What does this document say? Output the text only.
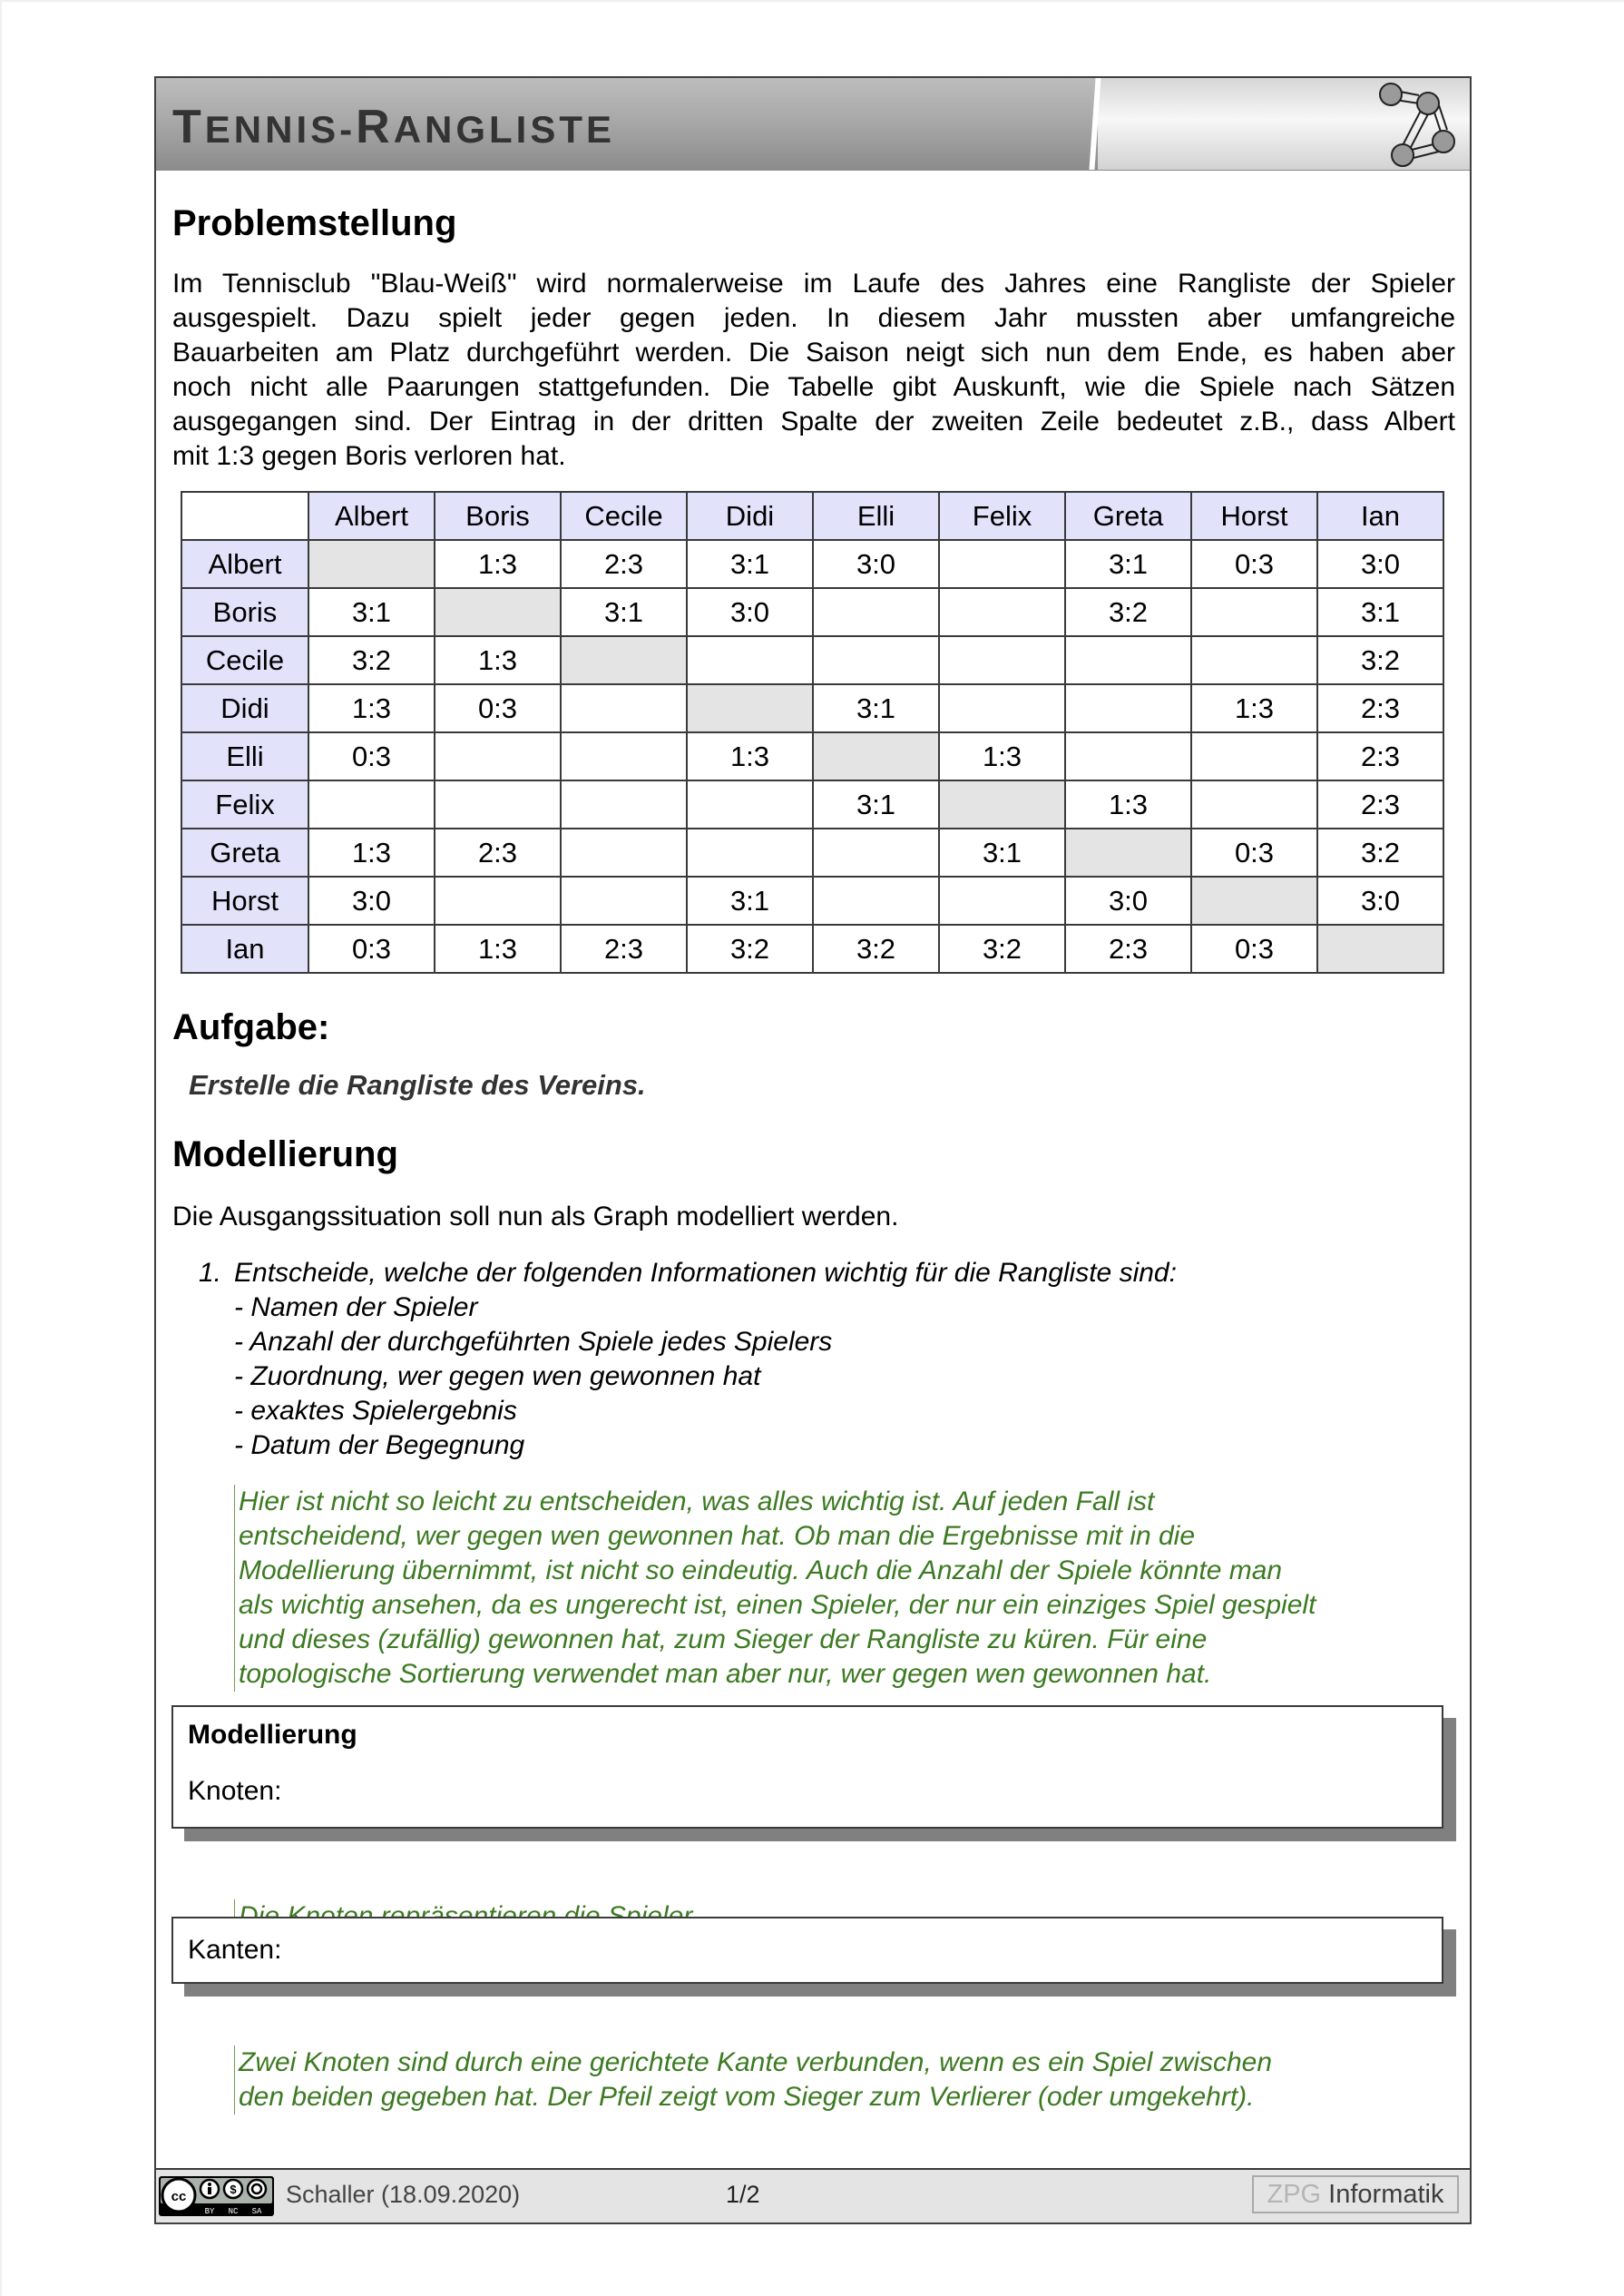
TENNIS-RANGLISTE
Problemstellung
Im Tennisclub "Blau-Weiß" wird normalerweise im Laufe des Jahres eine Rangliste der Spieler
ausgespielt. Dazu spielt jeder gegen jeden. In diesem Jahr mussten aber umfangreiche
Bauarbeiten am Platz durchgeführt werden. Die Saison neigt sich nun dem Ende, es haben aber
noch nicht alle Paarungen stattgefunden. Die Tabelle gibt Auskunft, wie die Spiele nach Sätzen
ausgegangen sind. Der Eintrag in der dritten Spalte der zweiten Zeile bedeutet z.B., dass Albert
mit 1:3 gegen Boris verloren hat.
	Albert	Boris	Cecile	Didi	Elli	Felix	Greta	Horst	Ian
Albert		1:3	2:3	3:1	3:0		3:1	0:3	3:0
Boris	3:1		3:1	3:0			3:2		3:1
Cecile	3:2	1:3							3:2
Didi	1:3	0:3			3:1			1:3	2:3
Elli	0:3			1:3		1:3			2:3
Felix					3:1		1:3		2:3
Greta	1:3	2:3				3:1		0:3	3:2
Horst	3:0			3:1			3:0		3:0
Ian	0:3	1:3	2:3	3:2	3:2	3:2	2:3	0:3	
Aufgabe:
Erstelle die Rangliste des Vereins.
Modellierung
Die Ausgangssituation soll nun als Graph modelliert werden.
1. Entscheide, welche der folgenden Informationen wichtig für die Rangliste sind:
- Namen der Spieler
- Anzahl der durchgeführten Spiele jedes Spielers
- Zuordnung, wer gegen wen gewonnen hat
- exaktes Spielergebnis
- Datum der Begegnung
Hier ist nicht so leicht zu entscheiden, was alles wichtig ist. Auf jeden Fall ist
entscheidend, wer gegen wen gewonnen hat. Ob man die Ergebnisse mit in die
Modellierung übernimmt, ist nicht so eindeutig. Auch die Anzahl der Spiele könnte man
als wichtig ansehen, da es ungerecht ist, einen Spieler, der nur ein einziges Spiel gespielt
und dieses (zufällig) gewonnen hat, zum Sieger der Rangliste zu küren. Für eine
topologische Sortierung verwendet man aber nur, wer gegen wen gewonnen hat.
Modellierung
Knoten:
Kanten:
Zwei Knoten sind durch eine gerichtete Kante verbunden, wenn es ein Spiel zwischen
den beiden gegeben hat. Der Pfeil zeigt vom Sieger zum Verlierer (oder umgekehrt).
cc	$
BY NC SA
Schaller (18.09.2020)	1/2	ZPG Informatik
